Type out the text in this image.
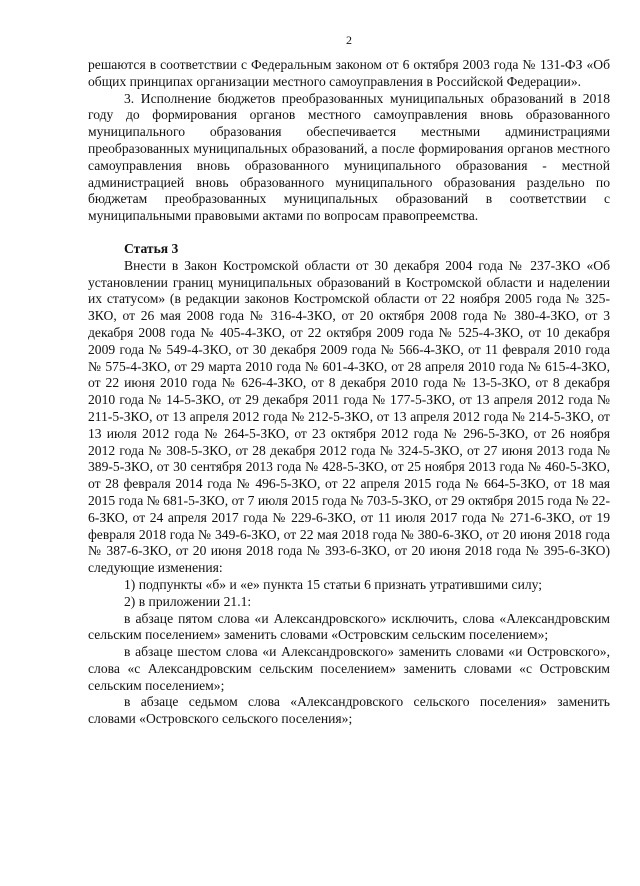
2

решаются в соответствии с Федеральным законом от 6 октября 2003 года № 131-ФЗ «Об общих принципах организации местного самоуправления в Российской Федерации».

3. Исполнение бюджетов преобразованных муниципальных образований в 2018 году до формирования органов местного самоуправления вновь образованного муниципального образования обеспечивается местными администрациями преобразованных муниципальных образований, а после формирования органов местного самоуправления вновь образованного муниципального образования - местной администрацией вновь образованного муниципального образования раздельно по бюджетам преобразованных муниципальных образований в соответствии с муниципальными правовыми актами по вопросам правопреемства.

Статья 3

Внести в Закон Костромской области от 30 декабря 2004 года № 237-ЗКО «Об установлении границ муниципальных образований в Костромской области и наделении их статусом» (в редакции законов Костромской области от 22 ноября 2005 года № 325-ЗКО, от 26 мая 2008 года № 316-4-ЗКО, от 20 октября 2008 года № 380-4-ЗКО, от 3 декабря 2008 года № 405-4-ЗКО, от 22 октября 2009 года № 525-4-ЗКО, от 10 декабря 2009 года № 549-4-ЗКО, от 30 декабря 2009 года № 566-4-ЗКО, от 11 февраля 2010 года № 575-4-ЗКО, от 29 марта 2010 года № 601-4-ЗКО, от 28 апреля 2010 года № 615-4-ЗКО, от 22 июня 2010 года № 626-4-ЗКО, от 8 декабря 2010 года № 13-5-ЗКО, от 8 декабря 2010 года № 14-5-ЗКО, от 29 декабря 2011 года № 177-5-ЗКО, от 13 апреля 2012 года № 211-5-ЗКО, от 13 апреля 2012 года № 212-5-ЗКО, от 13 апреля 2012 года № 214-5-ЗКО, от 13 июля 2012 года № 264-5-ЗКО, от 23 октября 2012 года № 296-5-ЗКО, от 26 ноября 2012 года № 308-5-ЗКО, от 28 декабря 2012 года № 324-5-ЗКО, от 27 июня 2013 года № 389-5-ЗКО, от 30 сентября 2013 года № 428-5-ЗКО, от 25 ноября 2013 года № 460-5-ЗКО, от 28 февраля 2014 года № 496-5-ЗКО, от 22 апреля 2015 года № 664-5-ЗКО, от 18 мая 2015 года № 681-5-ЗКО, от 7 июля 2015 года № 703-5-ЗКО, от 29 октября 2015 года № 22-6-ЗКО, от 24 апреля 2017 года № 229-6-ЗКО, от 11 июля 2017 года № 271-6-ЗКО, от 19 февраля 2018 года № 349-6-ЗКО, от 22 мая 2018 года № 380-6-ЗКО, от 20 июня 2018 года № 387-6-ЗКО, от 20 июня 2018 года № 393-6-ЗКО, от 20 июня 2018 года № 395-6-ЗКО) следующие изменения:

1) подпункты «б» и «е» пункта 15 статьи 6 признать утратившими силу;

2) в приложении 21.1:

в абзаце пятом слова «и Александровского» исключить, слова «Александровским сельским поселением» заменить словами «Островским сельским поселением»;

в абзаце шестом слова «и Александровского» заменить словами «и Островского», слова «с Александровским сельским поселением» заменить словами «с Островским сельским поселением»;

в абзаце седьмом слова «Александровского сельского поселения» заменить словами «Островского сельского поселения»;
